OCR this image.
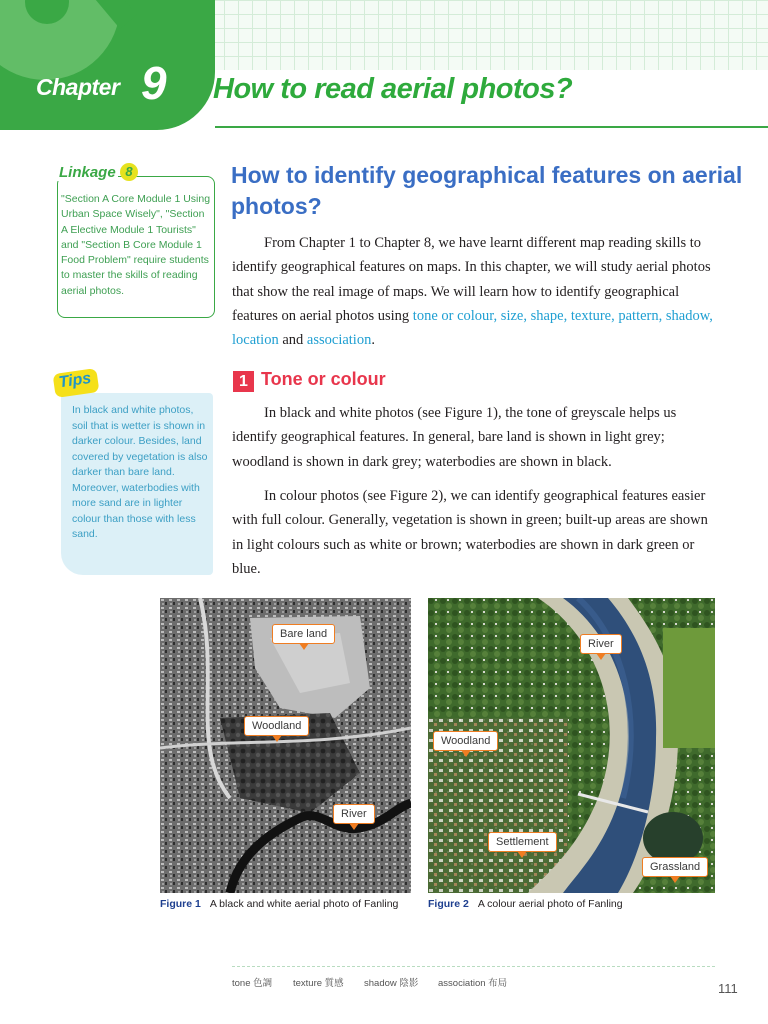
Chapter 9 How to read aerial photos?
Linkage 8
"Section A Core Module 1 Using Urban Space Wisely", "Section A Elective Module 1 Tourists" and "Section B Core Module 1 Food Problem" require students to master the skills of reading aerial photos.
Tips
In black and white photos, soil that is wetter is shown in darker colour. Besides, land covered by vegetation is also darker than bare land. Moreover, waterbodies with more sand are in lighter colour than those with less sand.
How to identify geographical features on aerial photos?

From Chapter 1 to Chapter 8, we have learnt different map reading skills to identify geographical features on maps. In this chapter, we will study aerial photos that show the real image of maps. We will learn how to identify geographical features on aerial photos using tone or colour, size, shape, texture, pattern, shadow, location and association.

1 Tone or colour

In black and white photos (see Figure 1), the tone of greyscale helps us identify geographical features. In general, bare land is shown in light grey; woodland is shown in dark grey; waterbodies are shown in black.

In colour photos (see Figure 2), we can identify geographical features easier with full colour. Generally, vegetation is shown in green; built-up areas are shown in light colours such as white or brown; waterbodies are shown in dark green or blue.

Bare land
Woodland
River
Figure 1 A black and white aerial photo of Fanling
River
Woodland
Settlement
Grassland
Figure 2 A colour aerial photo of Fanling
tone 色調 texture 質感 shadow 陰影 association 布局	111
